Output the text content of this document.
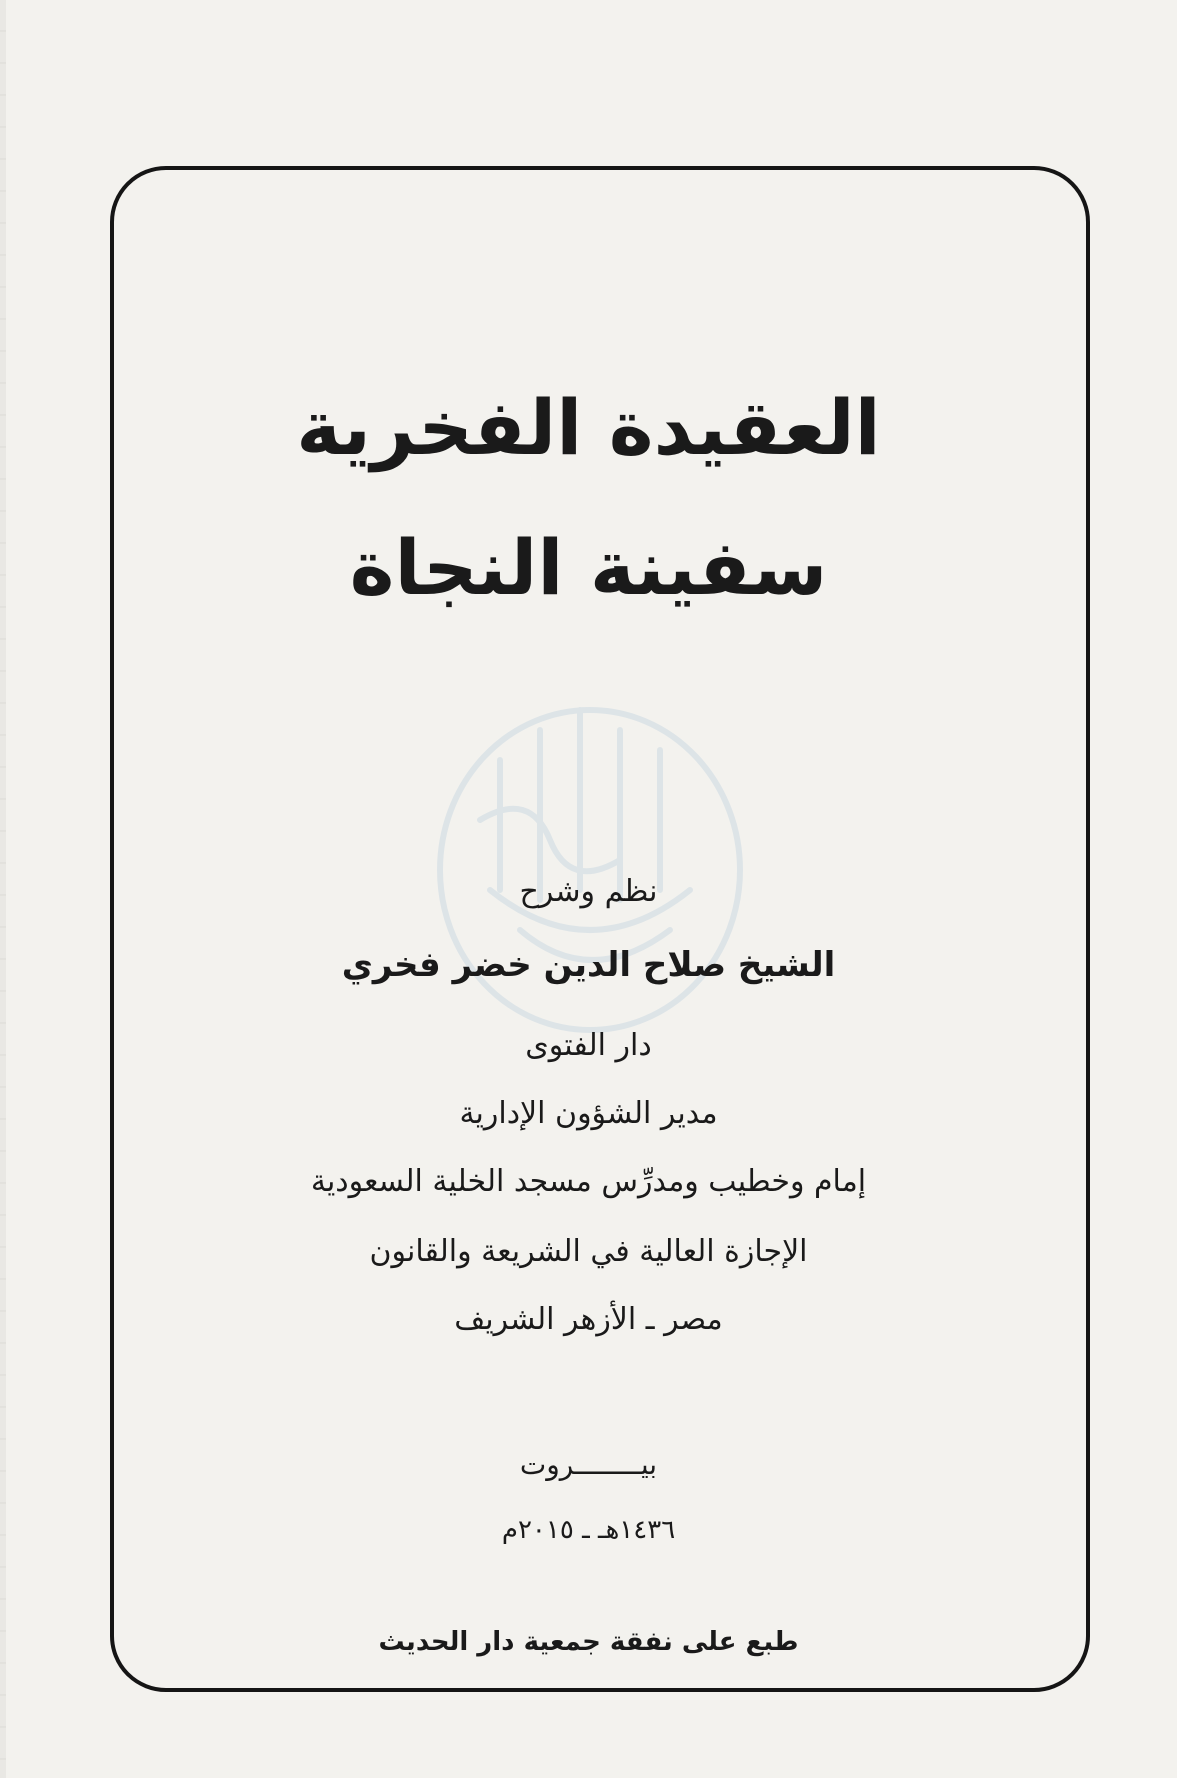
العقيدة الفخرية
سفينة النجاة
نظم وشرح
الشيخ صلاح الدين خضر فخري
دار الفتوى
مدير الشؤون الإدارية
إمام وخطيب ومدرِّس مسجد الخلية السعودية
الإجازة العالية في الشريعة والقانون
مصر ـ الأزهر الشريف
بيــــــــروت
١٤٣٦هـ ـ ٢٠١٥م
طبع على نفقة جمعية دار الحديث
